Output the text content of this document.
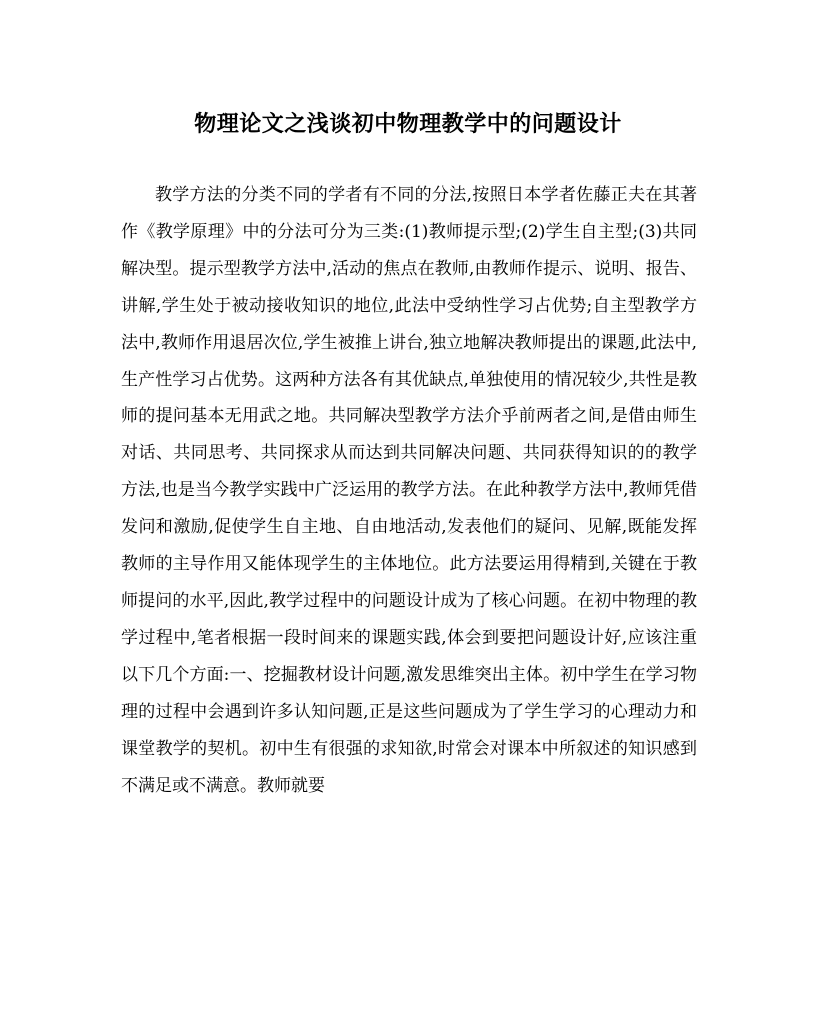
物理论文之浅谈初中物理教学中的问题设计

教学方法的分类不同的学者有不同的分法,按照日本学者佐藤正夫在其著作《教学原理》中的分法可分为三类:(1)教师提示型;(2)学生自主型;(3)共同解决型。提示型教学方法中,活动的焦点在教师,由教师作提示、说明、报告、讲解,学生处于被动接收知识的地位,此法中受纳性学习占优势;自主型教学方法中,教师作用退居次位,学生被推上讲台,独立地解决教师提出的课题,此法中,生产性学习占优势。这两种方法各有其优缺点,单独使用的情况较少,共性是教师的提问基本无用武之地。共同解决型教学方法介乎前两者之间,是借由师生对话、共同思考、共同探求从而达到共同解决问题、共同获得知识的的教学方法,也是当今教学实践中广泛运用的教学方法。在此种教学方法中,教师凭借发问和激励,促使学生自主地、自由地活动,发表他们的疑问、见解,既能发挥教师的主导作用又能体现学生的主体地位。此方法要运用得精到,关键在于教师提问的水平,因此,教学过程中的问题设计成为了核心问题。在初中物理的教学过程中,笔者根据一段时间来的课题实践,体会到要把问题设计好,应该注重以下几个方面:一、挖掘教材设计问题,激发思维突出主体。初中学生在学习物理的过程中会遇到许多认知问题,正是这些问题成为了学生学习的心理动力和课堂教学的契机。初中生有很强的求知欲,时常会对课本中所叙述的知识感到不满足或不满意。教师就要
